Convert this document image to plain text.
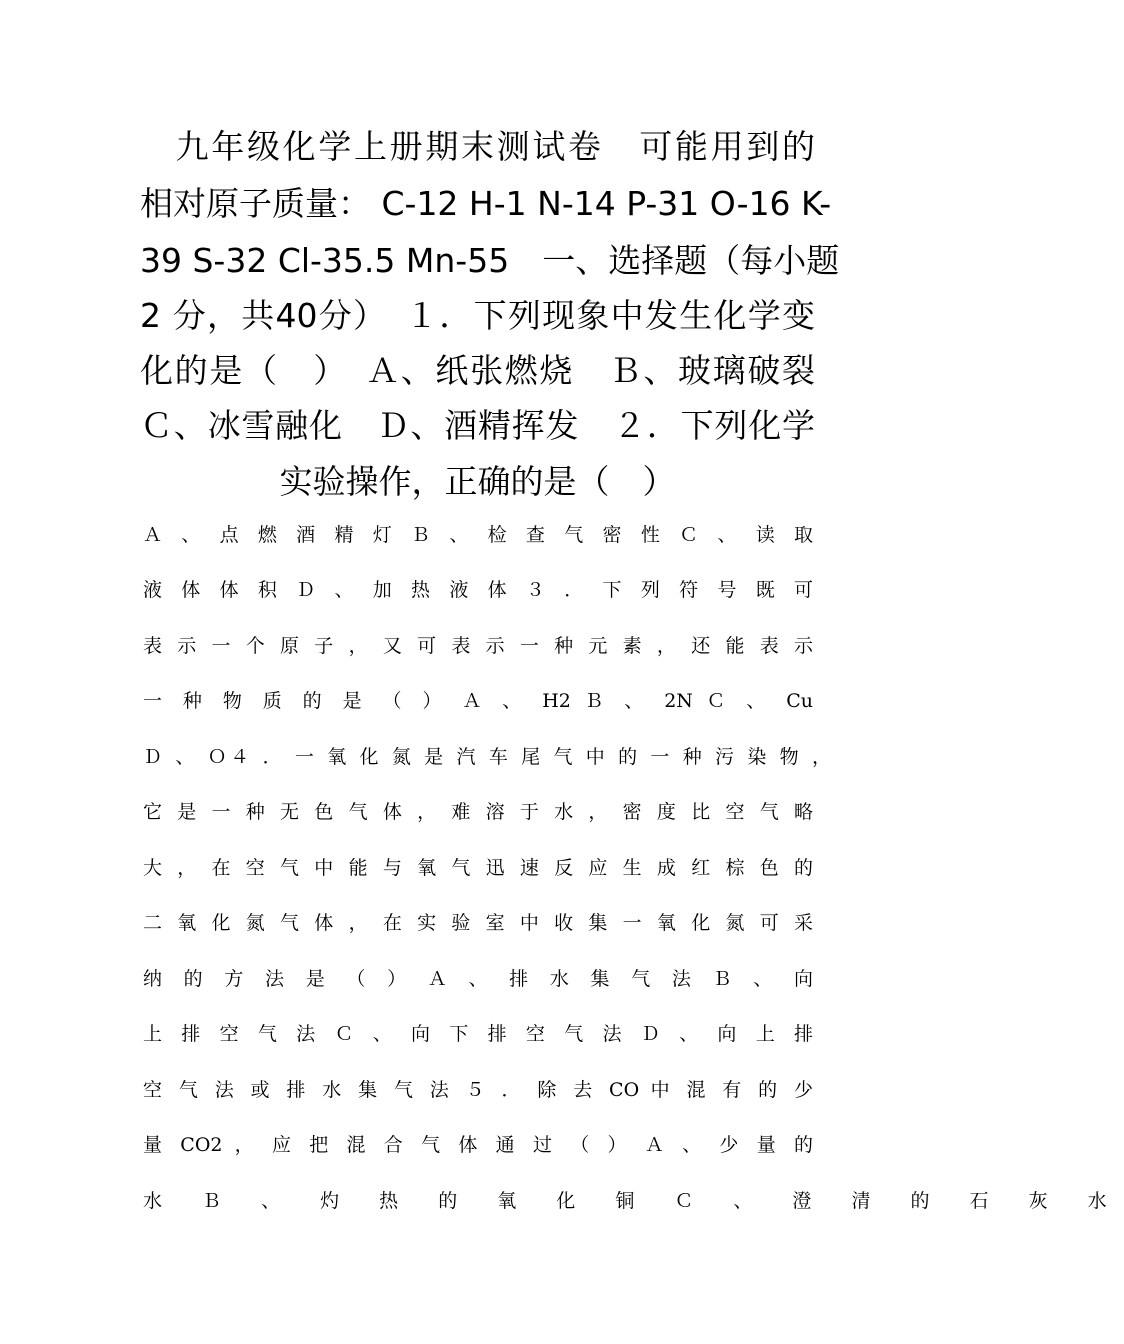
　九年级化学上册期末测试卷　可能用到的
相对原子质量： C-12 H-1 N-14 P-31 O-16 K-
39 S-32 Cl-35.5 Mn-55　一、选择题（每小题
2 分，共40分）　１．下列现象中发生化学变
化的是（　）　Ａ、纸张燃烧　Ｂ、玻璃破裂
Ｃ、冰雪融化　Ｄ、酒精挥发　２．下列化学
实验操作，正确的是（　）
Ａ 、 点 燃 酒 精 灯 Ｂ 、 检 查 气 密 性 Ｃ 、 读 取
液 体 体 积 Ｄ 、 加 热 液 体 ３ ． 下 列 符 号 既 可
表 示 一 个 原 子 ， 又 可 表 示 一 种 元 素 ， 还 能 表 示
一 种 物 质 的 是 （ ） Ａ 、 H2 Ｂ 、 2N Ｃ 、 Cu
Ｄ 、 Ｏ４ ． 一 氧 化 氮 是 汽 车 尾 气 中 的 一 种 污 染 物 ，
它 是 一 种 无 色 气 体 ， 难 溶 于 水 ， 密 度 比 空 气 略
大 ， 在 空 气 中 能 与 氧 气 迅 速 反 应 生 成 红 棕 色 的
二 氧 化 氮 气 体 ， 在 实 验 室 中 收 集 一 氧 化 氮 可 采
纳 的 方 法 是 （ ） Ａ 、 排 水 集 气 法 Ｂ 、 向
上 排 空 气 法 Ｃ 、 向 下 排 空 气 法 Ｄ 、 向 上 排
空 气 法 或 排 水 集 气 法 ５ ． 除 去 CO 中 混 有 的 少
量 CO2 ， 应 把 混 合 气 体 通 过 （ ） Ａ 、 少 量 的
水 Ｂ 、 灼 热 的 氧 化 铜 Ｃ 、 澄 清 的 石 灰 水
